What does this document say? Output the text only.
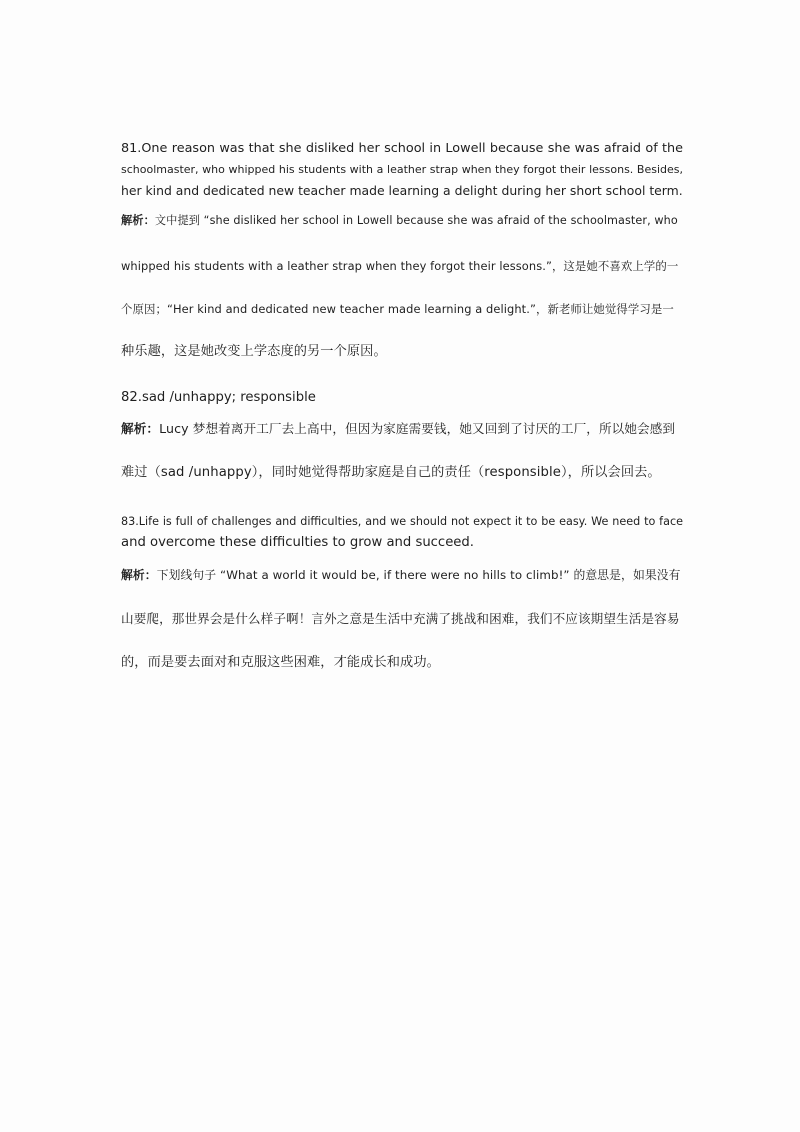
81.One reason was that she disliked her school in Lowell because she was afraid of the
schoolmaster, who whipped his students with a leather strap when they forgot their lessons. Besides,
her kind and dedicated new teacher made learning a delight during her short school term.
解析：文中提到 “she disliked her school in Lowell because she was afraid of the schoolmaster, who
whipped his students with a leather strap when they forgot their lessons.”，这是她不喜欢上学的一
个原因；“Her kind and dedicated new teacher made learning a delight.”，新老师让她觉得学习是一
种乐趣，这是她改变上学态度的另一个原因。
82.sad /unhappy; responsible
解析：Lucy 梦想着离开工厂去上高中，但因为家庭需要钱，她又回到了讨厌的工厂，所以她会感到
难过（sad /unhappy），同时她觉得帮助家庭是自己的责任（responsible），所以会回去。
83.Life is full of challenges and difficulties, and we should not expect it to be easy. We need to face
and overcome these difficulties to grow and succeed.
解析：下划线句子 “What a world it would be, if there were no hills to climb!” 的意思是，如果没有
山要爬，那世界会是什么样子啊！言外之意是生活中充满了挑战和困难，我们不应该期望生活是容易
的，而是要去面对和克服这些困难，才能成长和成功。
